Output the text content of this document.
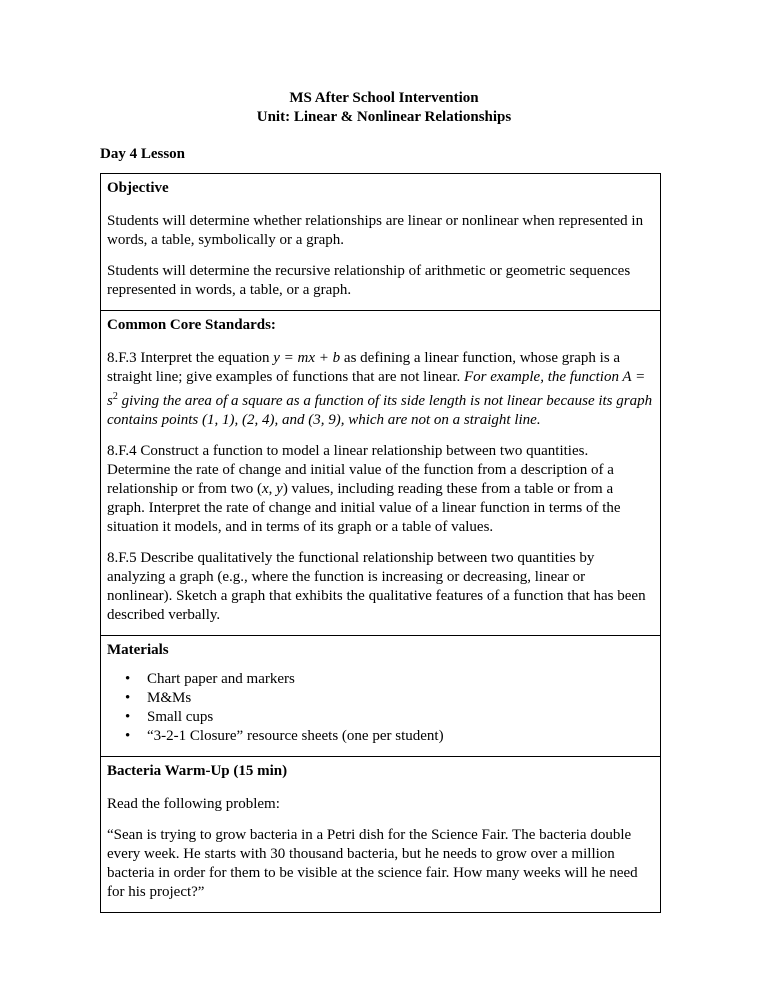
MS After School Intervention
Unit: Linear & Nonlinear Relationships
Day 4 Lesson
Objective
Students will determine whether relationships are linear or nonlinear when represented in words, a table, symbolically or a graph.
Students will determine the recursive relationship of arithmetic or geometric sequences represented in words, a table, or a graph.

Common Core Standards:
8.F.3 Interpret the equation y = mx + b as defining a linear function, whose graph is a straight line; give examples of functions that are not linear. For example, the function $A = s^2$ giving the area of a square as a function of its side length is not linear because its graph contains points (1, 1), (2, 4), and (3, 9), which are not on a straight line.
8.F.4 Construct a function to model a linear relationship between two quantities. Determine the rate of change and initial value of the function from a description of a relationship or from two (x, y) values, including reading these from a table or from a graph. Interpret the rate of change and initial value of a linear function in terms of the situation it models, and in terms of its graph or a table of values.
8.F.5 Describe qualitatively the functional relationship between two quantities by analyzing a graph (e.g., where the function is increasing or decreasing, linear or nonlinear). Sketch a graph that exhibits the qualitative features of a function that has been described verbally.

Materials
• Chart paper and markers
• M&Ms
• Small cups
• “3-2-1 Closure” resource sheets (one per student)

Bacteria Warm-Up (15 min)
Read the following problem:
“Sean is trying to grow bacteria in a Petri dish for the Science Fair. The bacteria double every week. He starts with 30 thousand bacteria, but he needs to grow over a million bacteria in order for them to be visible at the science fair. How many weeks will he need for his project?”
